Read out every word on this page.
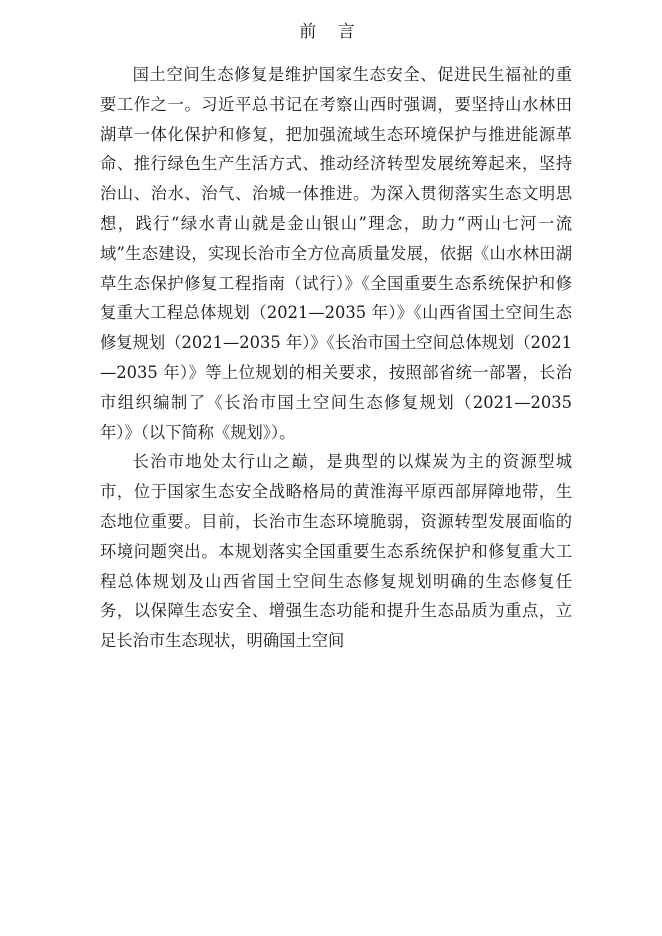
前 言

国土空间生态修复是维护国家生态安全、促进民生福祉的重要工作之一。习近平总书记在考察山西时强调，要坚持山水林田湖草一体化保护和修复，把加强流域生态环境保护与推进能源革命、推行绿色生产生活方式、推动经济转型发展统筹起来，坚持治山、治水、治气、治城一体推进。为深入贯彻落实生态文明思想，践行“绿水青山就是金山银山”理念，助力“两山七河一流域”生态建设，实现长治市全方位高质量发展，依据《山水林田湖草生态保护修复工程指南（试行）》《全国重要生态系统保护和修复重大工程总体规划（2021—2035 年）》《山西省国土空间生态修复规划（2021—2035 年）》《长治市国土空间总体规划（2021—2035 年）》等上位规划的相关要求，按照部省统一部署，长治市组织编制了《长治市国土空间生态修复规划（2021—2035 年）》（以下简称《规划》）。

长治市地处太行山之巅，是典型的以煤炭为主的资源型城市，位于国家生态安全战略格局的黄淮海平原西部屏障地带，生态地位重要。目前，长治市生态环境脆弱，资源转型发展面临的环境问题突出。本规划落实全国重要生态系统保护和修复重大工程总体规划及山西省国土空间生态修复规划明确的生态修复任务，以保障生态安全、增强生态功能和提升生态品质为重点，立足长治市生态现状，明确国土空间
